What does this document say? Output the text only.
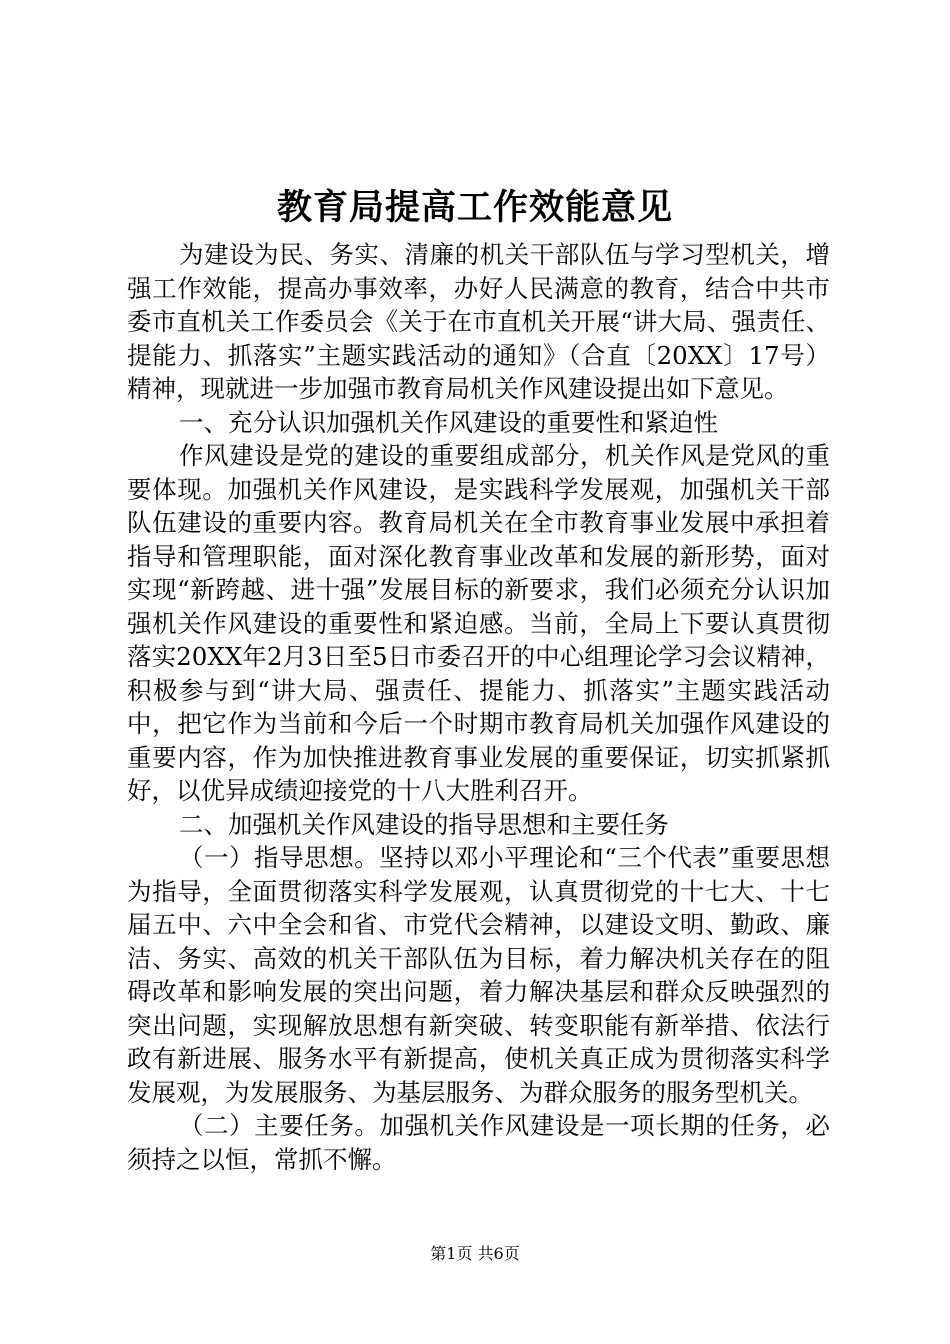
教育局提高工作效能意见

为建设为民、务实、清廉的机关干部队伍与学习型机关，增强工作效能，提高办事效率，办好人民满意的教育，结合中共市委市直机关工作委员会《关于在市直机关开展“讲大局、强责任、提能力、抓落实”主题实践活动的通知》（合直〔20XX〕17号）精神，现就进一步加强市教育局机关作风建设提出如下意见。

一、充分认识加强机关作风建设的重要性和紧迫性

作风建设是党的建设的重要组成部分，机关作风是党风的重要体现。加强机关作风建设，是实践科学发展观，加强机关干部队伍建设的重要内容。教育局机关在全市教育事业发展中承担着指导和管理职能，面对深化教育事业改革和发展的新形势，面对实现“新跨越、进十强”发展目标的新要求，我们必须充分认识加强机关作风建设的重要性和紧迫感。当前，全局上下要认真贯彻落实20XX年2月3日至5日市委召开的中心组理论学习会议精神，积极参与到“讲大局、强责任、提能力、抓落实”主题实践活动中，把它作为当前和今后一个时期市教育局机关加强作风建设的重要内容，作为加快推进教育事业发展的重要保证，切实抓紧抓好，以优异成绩迎接党的十八大胜利召开。

二、加强机关作风建设的指导思想和主要任务

（一）指导思想。坚持以邓小平理论和“三个代表”重要思想为指导，全面贯彻落实科学发展观，认真贯彻党的十七大、十七届五中、六中全会和省、市党代会精神，以建设文明、勤政、廉洁、务实、高效的机关干部队伍为目标，着力解决机关存在的阻碍改革和影响发展的突出问题，着力解决基层和群众反映强烈的突出问题，实现解放思想有新突破、转变职能有新举措、依法行政有新进展、服务水平有新提高，使机关真正成为贯彻落实科学发展观，为发展服务、为基层服务、为群众服务的服务型机关。

（二）主要任务。加强机关作风建设是一项长期的任务，必须持之以恒，常抓不懈。

第1页 共6页
